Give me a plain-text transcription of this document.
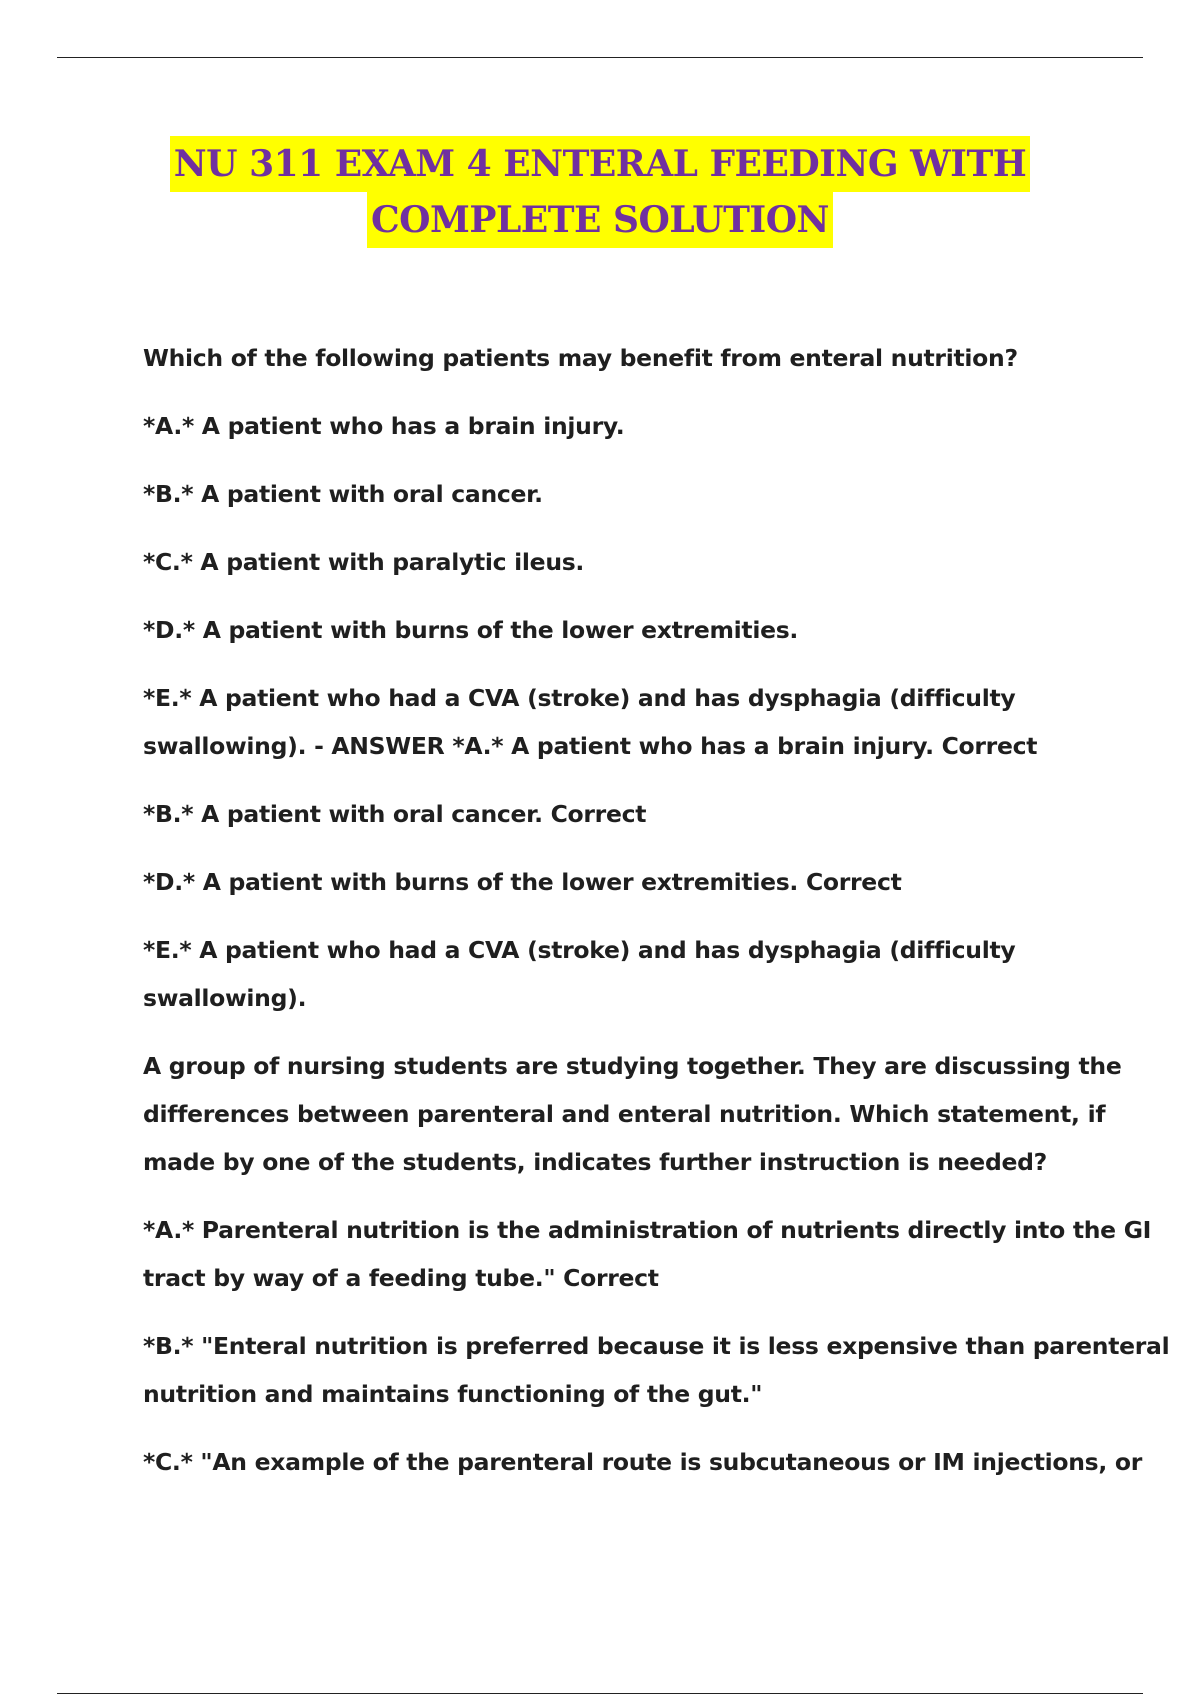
NU 311 EXAM 4 ENTERAL FEEDING WITH
COMPLETE SOLUTION

Which of the following patients may benefit from enteral nutrition?

*A.* A patient who has a brain injury.

*B.* A patient with oral cancer.

*C.* A patient with paralytic ileus.

*D.* A patient with burns of the lower extremities.

*E.* A patient who had a CVA (stroke) and has dysphagia (difficulty
swallowing). - ANSWER *A.* A patient who has a brain injury. Correct

*B.* A patient with oral cancer. Correct

*D.* A patient with burns of the lower extremities. Correct

*E.* A patient who had a CVA (stroke) and has dysphagia (difficulty
swallowing).

A group of nursing students are studying together. They are discussing the
differences between parenteral and enteral nutrition. Which statement, if
made by one of the students, indicates further instruction is needed?

*A.* Parenteral nutrition is the administration of nutrients directly into the GI
tract by way of a feeding tube." Correct

*B.* "Enteral nutrition is preferred because it is less expensive than parenteral
nutrition and maintains functioning of the gut."

*C.* "An example of the parenteral route is subcutaneous or IM injections, or
